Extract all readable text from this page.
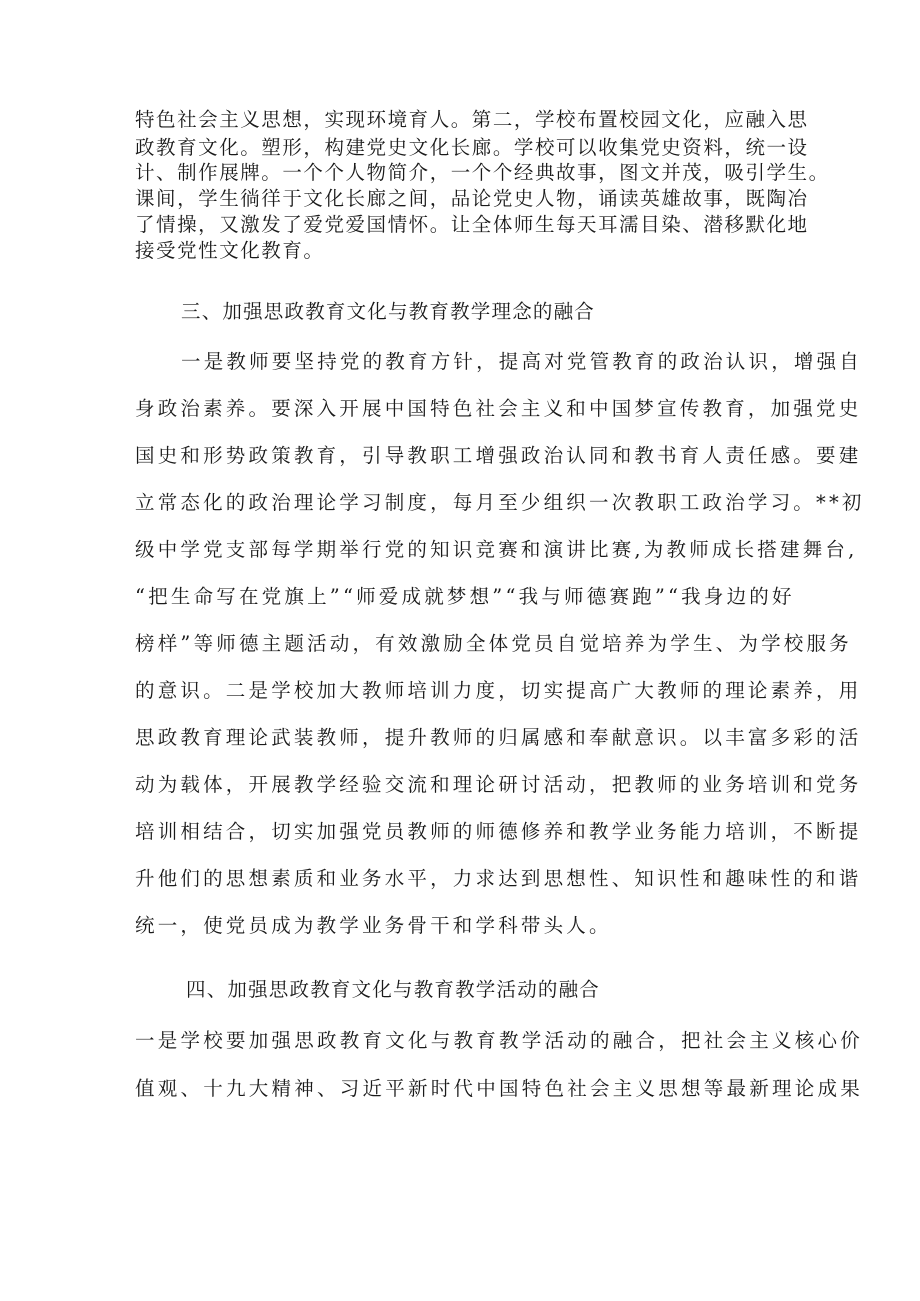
特色社会主义思想，实现环境育人。第二，学校布置校园文化，应融入思
政教育文化。塑形，构建党史文化长廊。学校可以收集党史资料，统一设
计、制作展牌。一个个人物简介，一个个经典故事，图文并茂，吸引学生。
课间，学生徜徉于文化长廊之间，品论党史人物，诵读英雄故事，既陶冶
了情操，又激发了爱党爱国情怀。让全体师生每天耳濡目染、潜移默化地
接受党性文化教育。
三、加强思政教育文化与教育教学理念的融合
一是教师要坚持党的教育方针，提高对党管教育的政治认识，增强自
身政治素养。要深入开展中国特色社会主义和中国梦宣传教育，加强党史
国史和形势政策教育，引导教职工增强政治认同和教书育人责任感。要建
立常态化的政治理论学习制度，每月至少组织一次教职工政治学习。**初
级中学党支部每学期举行党的知识竞赛和演讲比赛,为教师成长搭建舞台,
“把生命写在党旗上”“师爱成就梦想”“我与师德赛跑”“我身边的好
榜样”等师德主题活动，有效激励全体党员自觉培养为学生、为学校服务
的意识。二是学校加大教师培训力度，切实提高广大教师的理论素养，用
思政教育理论武装教师，提升教师的归属感和奉献意识。以丰富多彩的活
动为载体，开展教学经验交流和理论研讨活动，把教师的业务培训和党务
培训相结合，切实加强党员教师的师德修养和教学业务能力培训，不断提
升他们的思想素质和业务水平，力求达到思想性、知识性和趣味性的和谐
统一，使党员成为教学业务骨干和学科带头人。
四、加强思政教育文化与教育教学活动的融合
一是学校要加强思政教育文化与教育教学活动的融合，把社会主义核心价
值观、十九大精神、习近平新时代中国特色社会主义思想等最新理论成果
